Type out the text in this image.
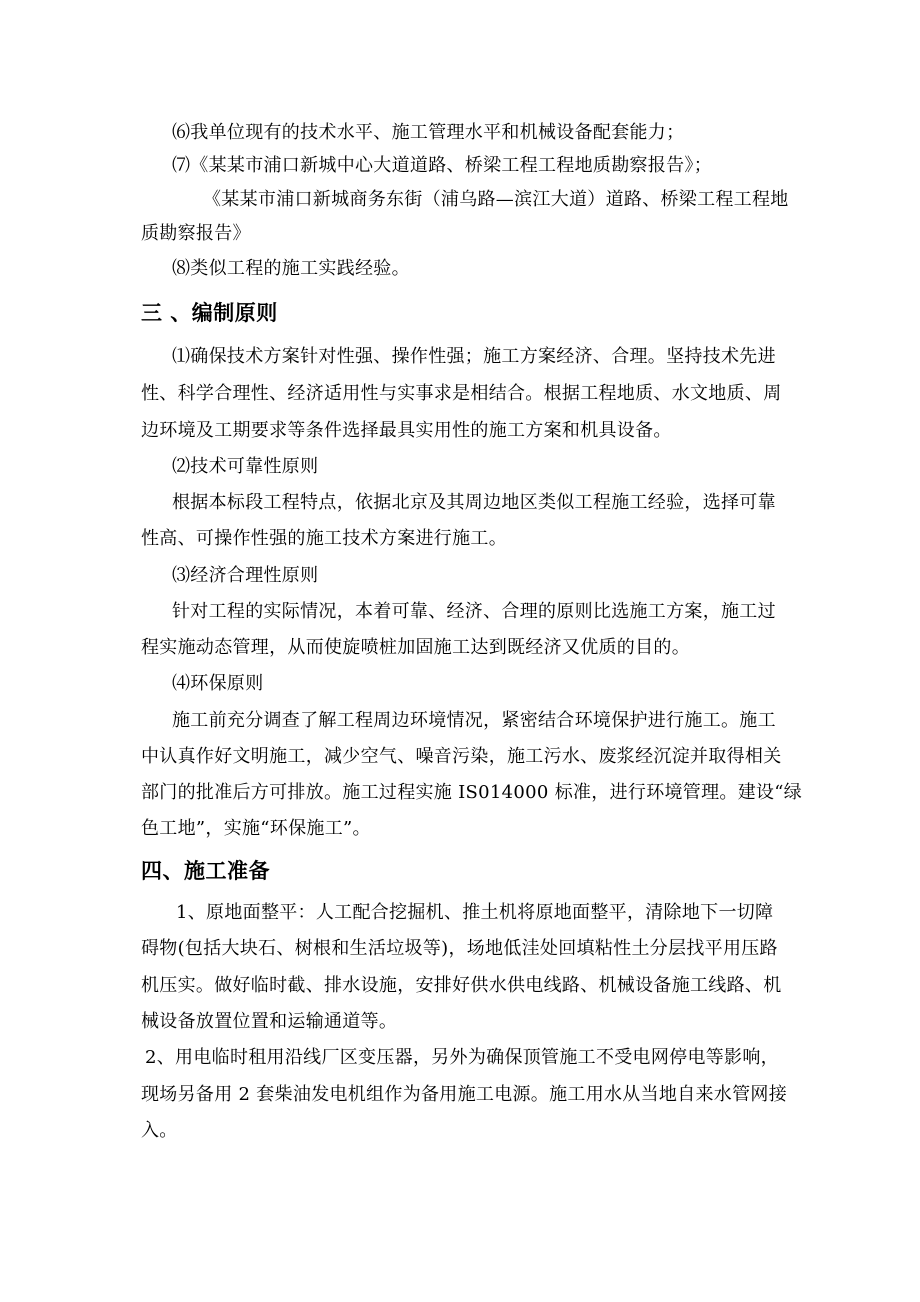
⑹我单位现有的技术水平、施工管理水平和机械设备配套能力；
⑺《某某市浦口新城中心大道道路、桥梁工程工程地质勘察报告》；
《某某市浦口新城商务东街（浦乌路—滨江大道）道路、桥梁工程工程地
质勘察报告》
⑻类似工程的施工实践经验。
三 、编制原则
⑴确保技术方案针对性强、操作性强；施工方案经济、合理。坚持技术先进
性、科学合理性、经济适用性与实事求是相结合。根据工程地质、水文地质、周
边环境及工期要求等条件选择最具实用性的施工方案和机具设备。
⑵技术可靠性原则
根据本标段工程特点，依据北京及其周边地区类似工程施工经验，选择可靠
性高、可操作性强的施工技术方案进行施工。
⑶经济合理性原则
针对工程的实际情况，本着可靠、经济、合理的原则比选施工方案，施工过
程实施动态管理，从而使旋喷桩加固施工达到既经济又优质的目的。
⑷环保原则
施工前充分调查了解工程周边环境情况，紧密结合环境保护进行施工。施工
中认真作好文明施工，减少空气、噪音污染，施工污水、废浆经沉淀并取得相关
部门的批准后方可排放。施工过程实施 IS014000 标准，进行环境管理。建设“绿
色工地”，实施“环保施工”。
四、施工准备
1、原地面整平：人工配合挖掘机、推土机将原地面整平，清除地下一切障
碍物(包括大块石、树根和生活垃圾等)，场地低洼处回填粘性土分层找平用压路
机压实。做好临时截、排水设施，安排好供水供电线路、机械设备施工线路、机
械设备放置位置和运输通道等。
2、用电临时租用沿线厂区变压器，另外为确保顶管施工不受电网停电等影响，
现场另备用 2 套柴油发电机组作为备用施工电源。施工用水从当地自来水管网接
入。
